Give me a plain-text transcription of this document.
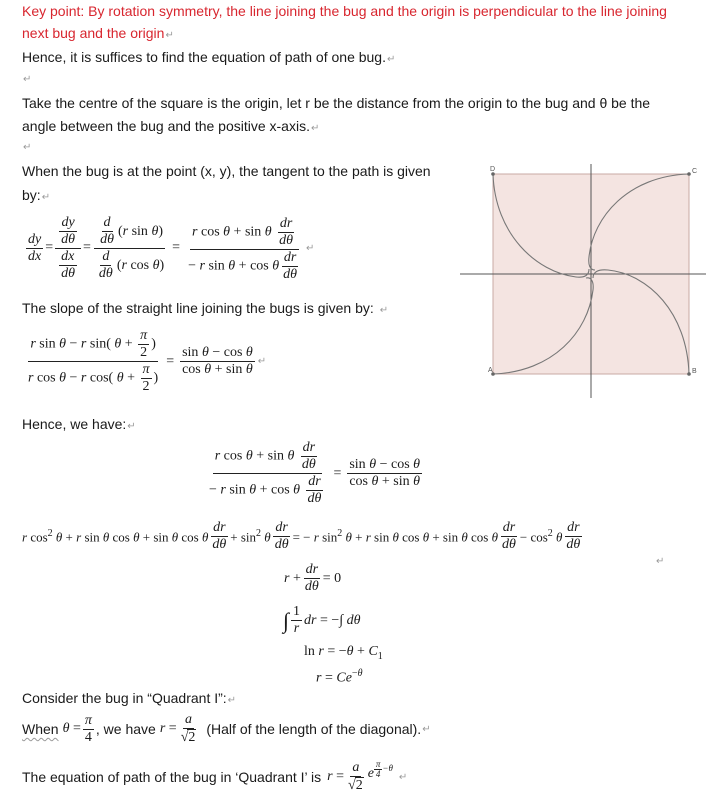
Key point: By rotation symmetry, the line joining the bug and the origin is perpendicular to the line joining
next bug and the origin↵
Hence, it is suffices to find the equation of path of one bug.↵
↵
Take the centre of the square is the origin, let r be the distance from the origin to the bug and θ be the
angle between the bug and the positive x-axis.↵
↵
When the bug is at the point (x, y), the tangent to the path is given
by:↵
$\frac{dy}{dx} = \frac{dy}{d\theta}$
dx
dθ
= $\frac{d}{d\theta} (r$ sin θ)
$\frac{d}{d\theta} (r$ cos θ)
=
r cos θ + sin θ $\frac{dr}{d\theta}$
− r sin θ + cos θ $\frac{dr}{d\theta}$
↵
The slope of the straight line joining the bugs is given by: ↵
$\frac{r \sin \theta - r \sin( \theta + \frac{\pi}{2} )}{r \cos \theta - r \cos( \theta + \frac{\pi}{2} )} = \frac{\text{sin θ − cos θ}}{\text{cos θ + sin θ}}$ ↵
Hence, we have:↵
r cos θ + sin θ $\frac{dr}{d\theta}$
− r sin θ + cos θ $\frac{dr}{d\theta}$
= $\frac{\text{sin θ − cos θ}}{\text{cos θ + sin θ}}$
r $\cos^2 \theta + r$ sin θ cos θ + sin θ cos θ
dr
dθ
+ $\sin^2 \theta \frac{dr}{d\theta}$ = − r $\sin^2 \theta + r$ sin θ cos θ + sin θ cos θ
dr
dθ
− $\cos^2 \theta$
dr
dθ
↵
$r + \frac{dr}{d\theta} = 0$
∫ 1
r
dr = −∫ dθ
$\ln r = -\theta + C_1$
$r = Ce^{-\theta}$
Consider the bug in “Quadrant I”:↵
When $\theta = \frac{\pi}{4}$ , we have $r = \frac{a}{√2}$ (Half of the length of the diagonal). ↵
The equation of path of the bug in ‘Quadrant I’ is $r = \frac{a}{√2}$ e $^{\frac{\pi}{4} -\theta}$
↵
D	C
A	B
